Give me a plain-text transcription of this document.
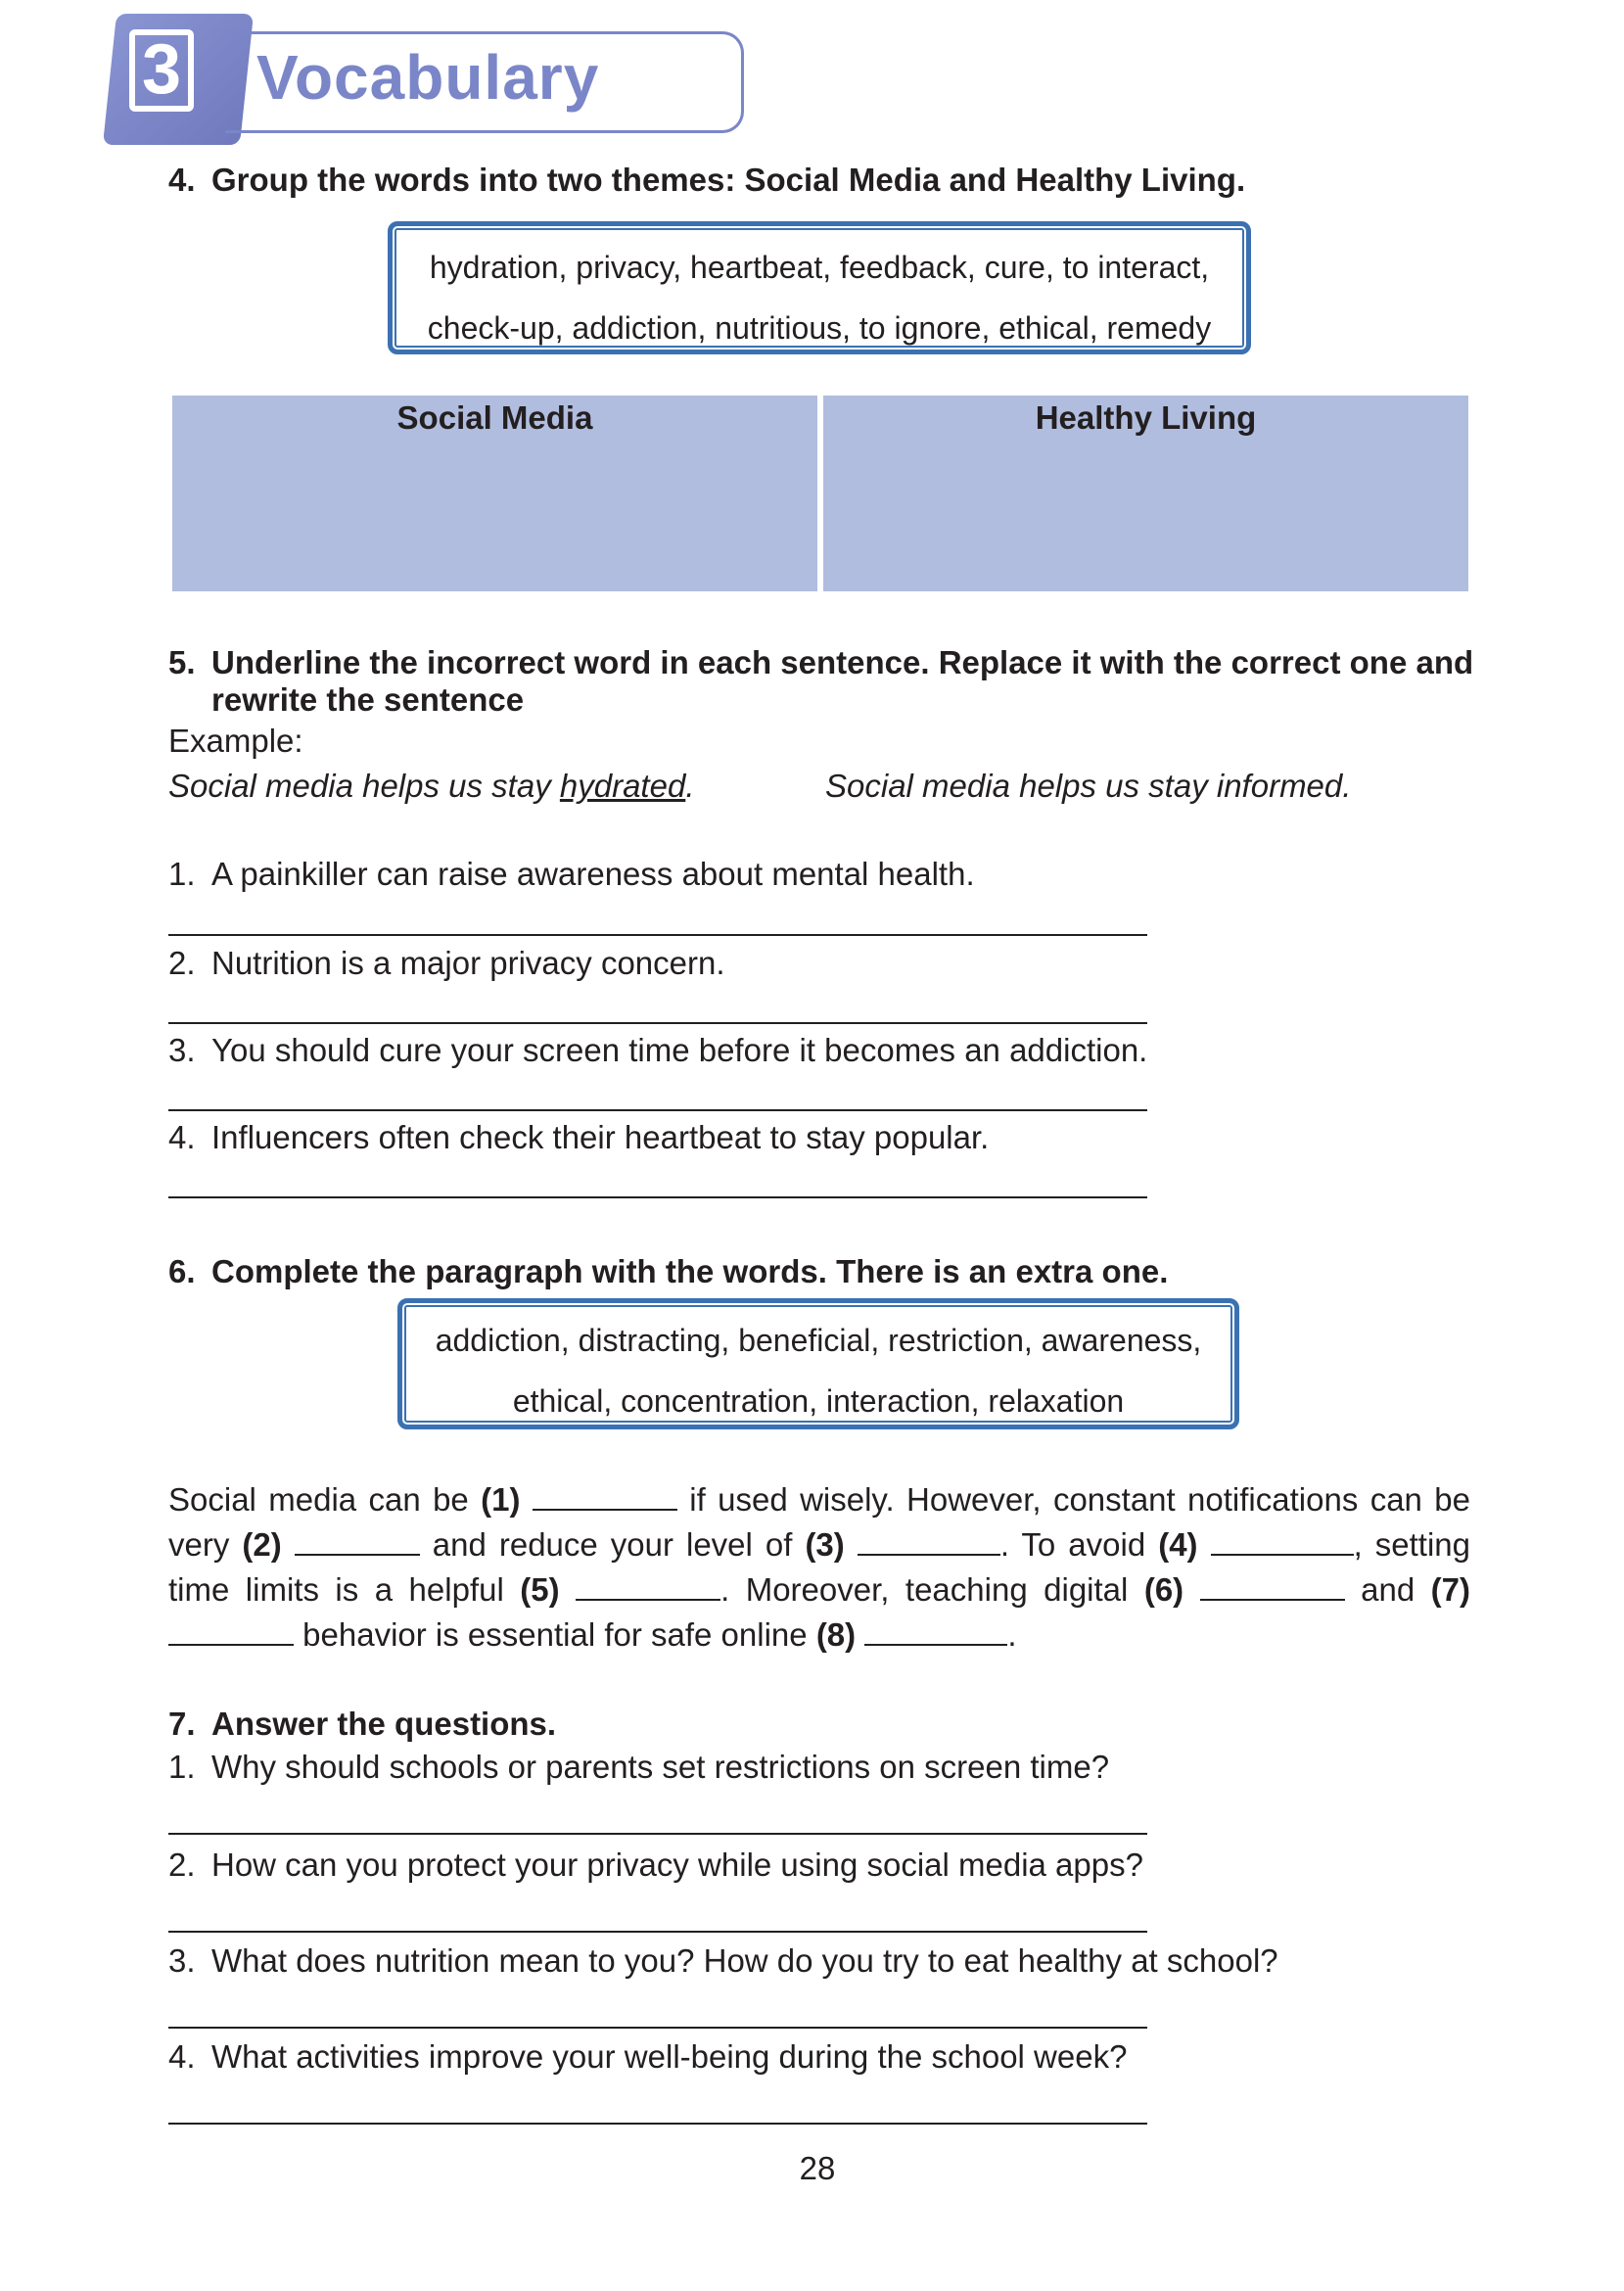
3 Vocabulary
4. Group the words into two themes: Social Media and Healthy Living.
hydration, privacy, heartbeat, feedback, cure, to interact,
check-up, addiction, nutritious, to ignore, ethical, remedy
Social Media	Healthy Living
5. Underline the incorrect word in each sentence. Replace it with the correct one and
rewrite the sentence
Example:
Social media helps us stay hydrated.	Social media helps us stay informed.
1. A painkiller can raise awareness about mental health.
2. Nutrition is a major privacy concern.
3. You should cure your screen time before it becomes an addiction.
4. Influencers often check their heartbeat to stay popular.
6. Complete the paragraph with the words. There is an extra one.
addiction, distracting, beneficial, restriction, awareness,
ethical, concentration, interaction, relaxation
Social media can be (1)	if used wisely. However, constant notifications can be very (2)	and reduce your level of (3)	. To avoid (4)	, setting time limits is a helpful (5)	. Moreover, teaching digital (6)	and (7)  behavior is essential for safe online (8)	.
7. Answer the questions.
1. Why should schools or parents set restrictions on screen time?
2. How can you protect your privacy while using social media apps?
3. What does nutrition mean to you? How do you try to eat healthy at school?
4. What activities improve your well-being during the school week?
28
